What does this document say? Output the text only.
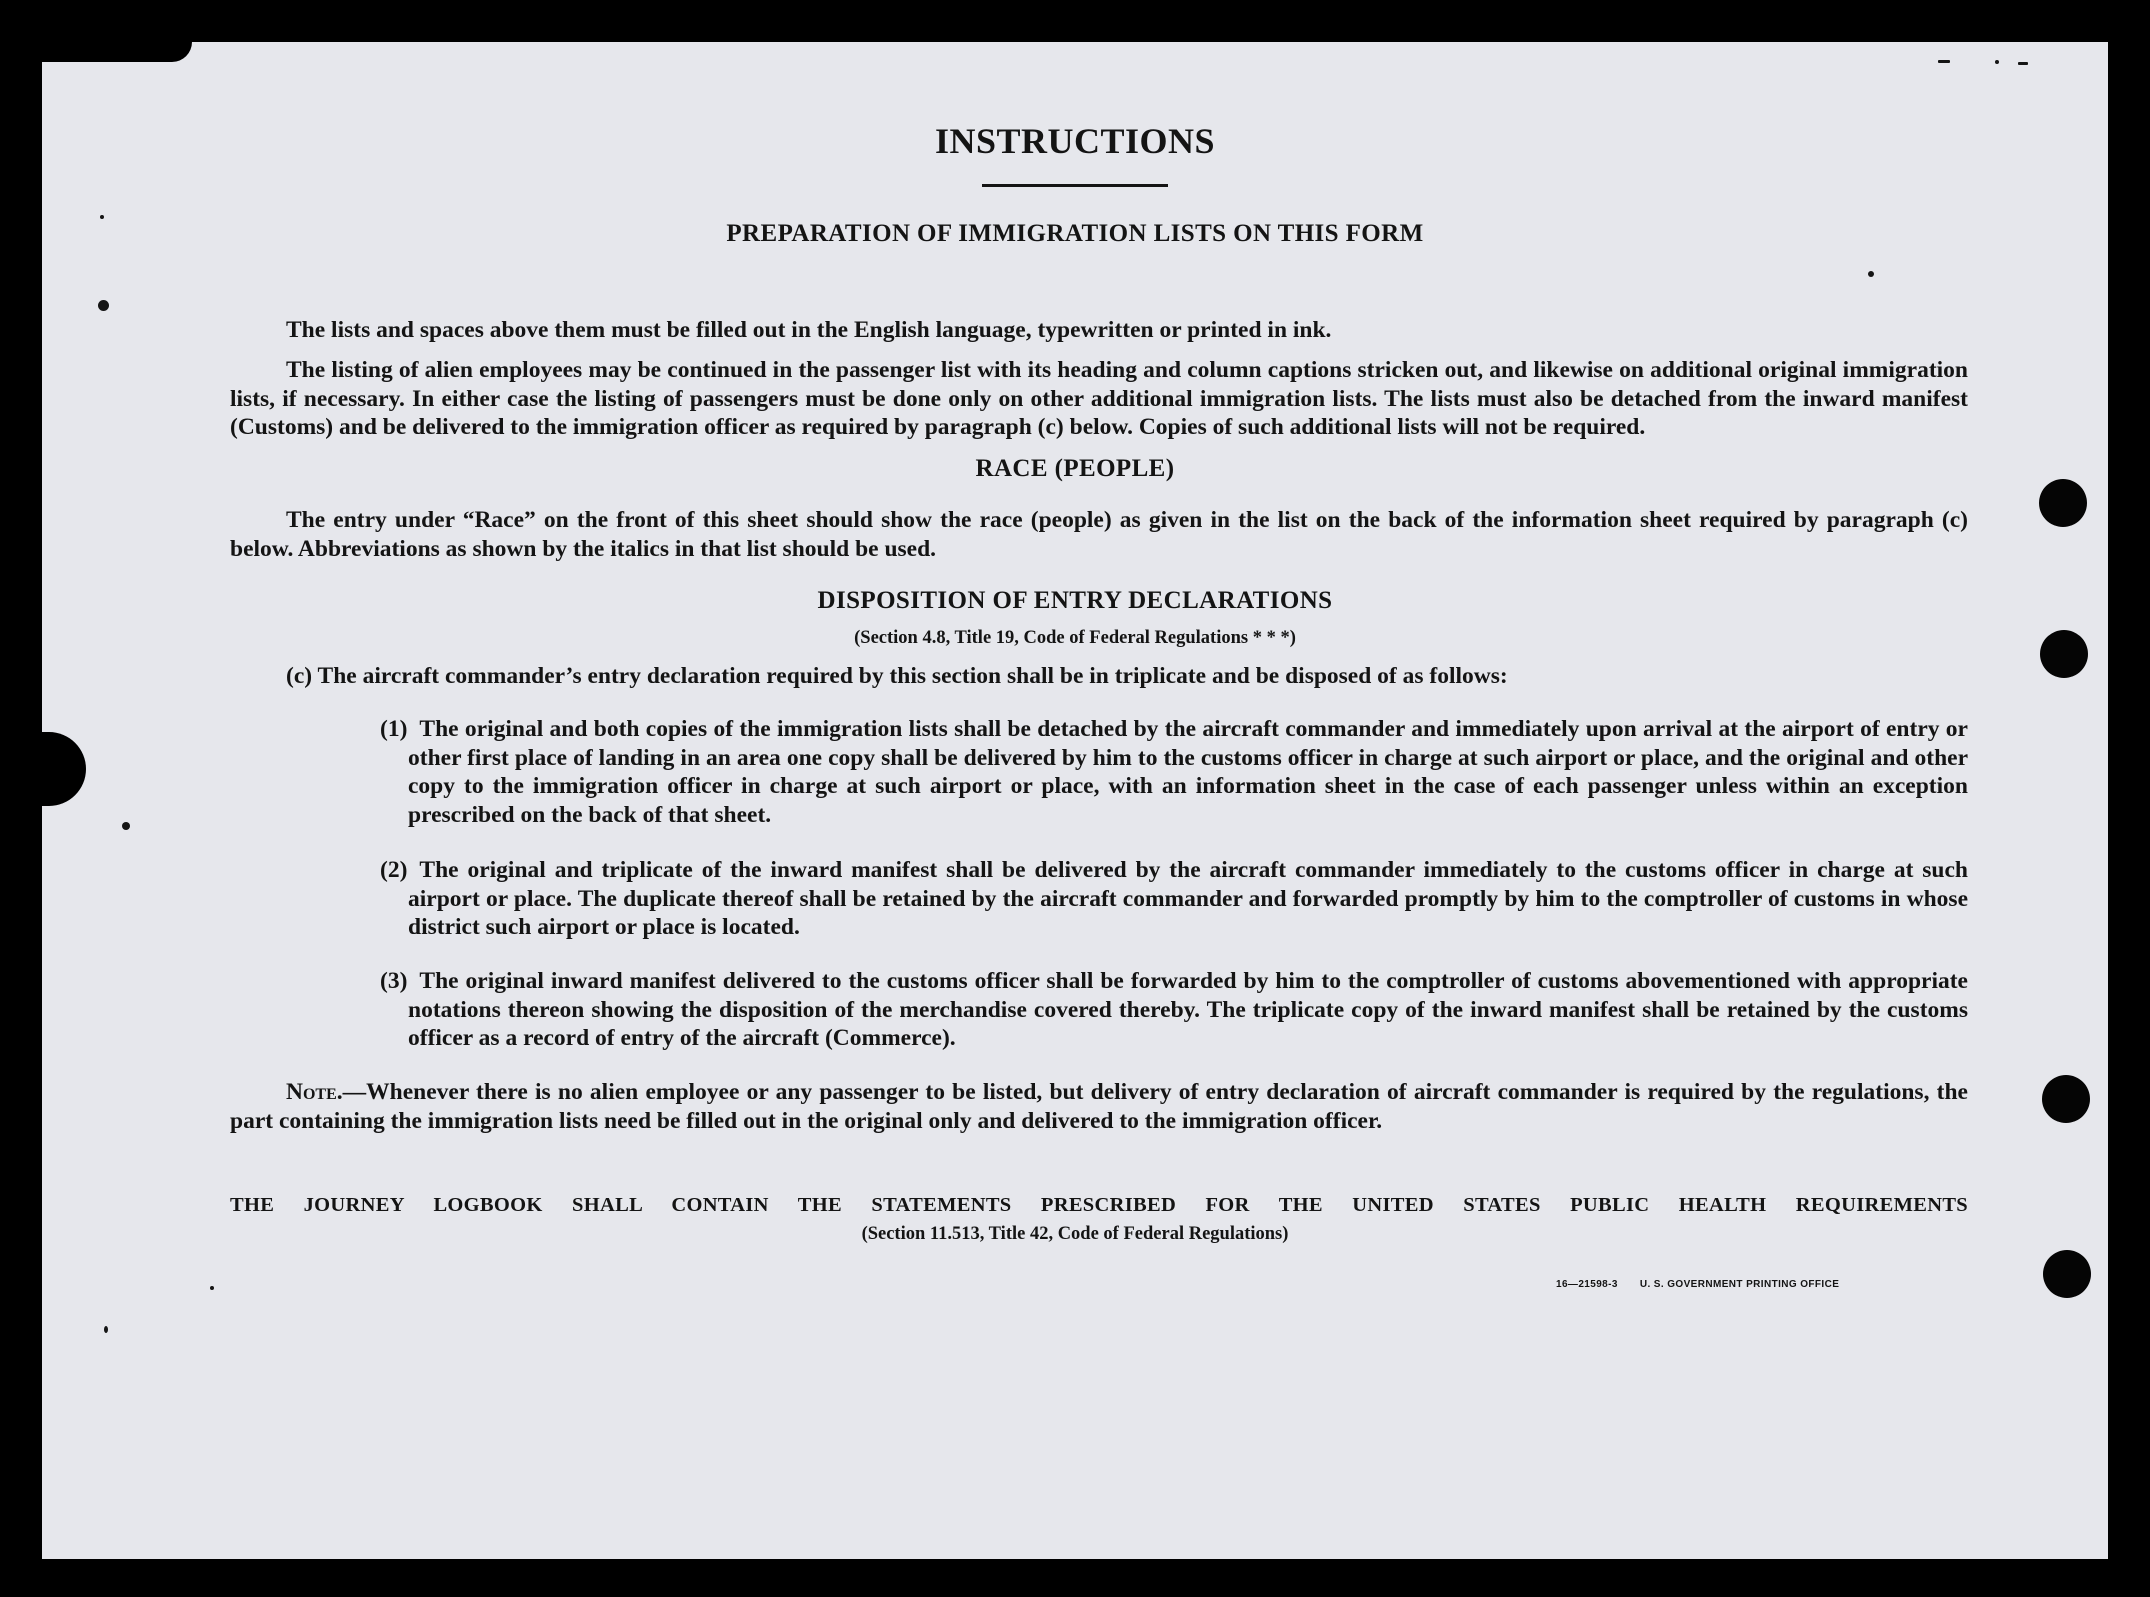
INSTRUCTIONS
PREPARATION OF IMMIGRATION LISTS ON THIS FORM

The lists and spaces above them must be filled out in the English language, typewritten or printed in ink.

The listing of alien employees may be continued in the passenger list with its heading and column captions stricken out, and likewise on additional original immigration lists, if necessary. In either case the listing of passengers must be done only on other additional immigration lists. The lists must also be detached from the inward manifest (Customs) and be delivered to the immigration officer as required by paragraph (c) below. Copies of such additional lists will not be required.

RACE (PEOPLE)

The entry under “Race” on the front of this sheet should show the race (people) as given in the list on the back of the information sheet required by paragraph (c) below. Abbreviations as shown by the italics in that list should be used.

DISPOSITION OF ENTRY DECLARATIONS
(Section 4.8, Title 19, Code of Federal Regulations * * *)

(c) The aircraft commander’s entry declaration required by this section shall be in triplicate and be disposed of as follows:

(1) The original and both copies of the immigration lists shall be detached by the aircraft commander and immediately upon arrival at the airport of entry or other first place of landing in an area one copy shall be delivered by him to the customs officer in charge at such airport or place, and the original and other copy to the immigration officer in charge at such airport or place, with an information sheet in the case of each passenger unless within an exception prescribed on the back of that sheet.

(2) The original and triplicate of the inward manifest shall be delivered by the aircraft commander immediately to the customs officer in charge at such airport or place. The duplicate thereof shall be retained by the aircraft commander and forwarded promptly by him to the comptroller of customs in whose district such airport or place is located.

(3) The original inward manifest delivered to the customs officer shall be forwarded by him to the comptroller of customs abovementioned with appropriate notations thereon showing the disposition of the merchandise covered thereby. The triplicate copy of the inward manifest shall be retained by the customs officer as a record of entry of the aircraft (Commerce).

Note.—Whenever there is no alien employee or any passenger to be listed, but delivery of entry declaration of aircraft commander is required by the regulations, the part containing the immigration lists need be filled out in the original only and delivered to the immigration officer.

THE JOURNEY LOGBOOK SHALL CONTAIN THE STATEMENTS PRESCRIBED FOR THE UNITED STATES PUBLIC HEALTH REQUIREMENTS
(Section 11.513, Title 42, Code of Federal Regulations)
16—21598-3 U. S. GOVERNMENT PRINTING OFFICE
